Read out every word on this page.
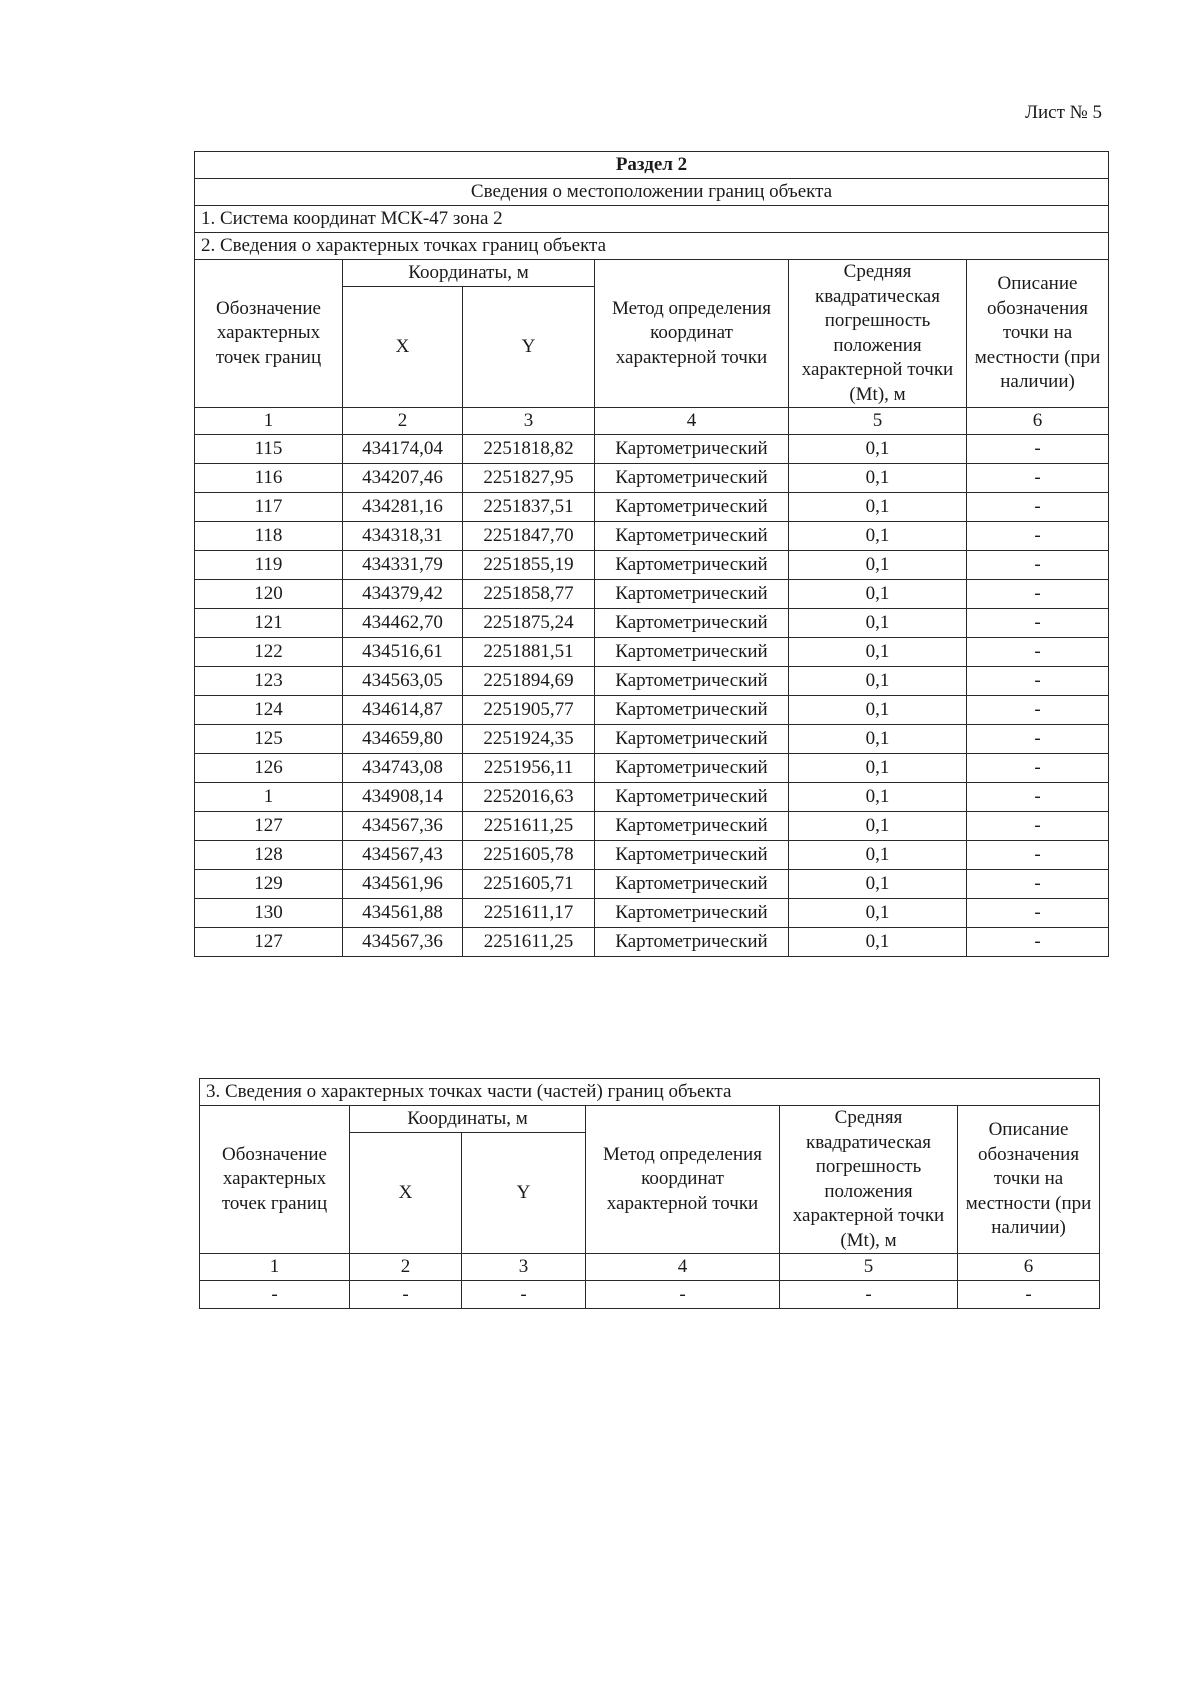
Лист № 5
Раздел 2					
Сведения о местоположении границ объекта					
1. Система координат МСК-47 зона 2					
2. Сведения о характерных точках границ объекта					
Обозначение характерных точек границ	Координаты, м		Метод определения координат характерной точки	Средняя квадратическая погрешность положения характерной точки (Mt), м	Описание обозначения точки на местности (при наличии)
	X	Y			
1	2	3	4	5	6
115	434174,04	2251818,82	Картометрический	0,1	-
116	434207,46	2251827,95	Картометрический	0,1	-
117	434281,16	2251837,51	Картометрический	0,1	-
118	434318,31	2251847,70	Картометрический	0,1	-
119	434331,79	2251855,19	Картометрический	0,1	-
120	434379,42	2251858,77	Картометрический	0,1	-
121	434462,70	2251875,24	Картометрический	0,1	-
122	434516,61	2251881,51	Картометрический	0,1	-
123	434563,05	2251894,69	Картометрический	0,1	-
124	434614,87	2251905,77	Картометрический	0,1	-
125	434659,80	2251924,35	Картометрический	0,1	-
126	434743,08	2251956,11	Картометрический	0,1	-
1	434908,14	2252016,63	Картометрический	0,1	-
127	434567,36	2251611,25	Картометрический	0,1	-
128	434567,43	2251605,78	Картометрический	0,1	-
129	434561,96	2251605,71	Картометрический	0,1	-
130	434561,88	2251611,17	Картометрический	0,1	-
127	434567,36	2251611,25	Картометрический	0,1	-
3. Сведения о характерных точках части (частей) границ объекта					
Обозначение характерных точек границ	Координаты, м		Метод определения координат характерной точки	Средняя квадратическая погрешность положения характерной точки (Mt), м	Описание обозначения точки на местности (при наличии)
	X	Y			
1	2	3	4	5	6
-	-	-	-	-	-
